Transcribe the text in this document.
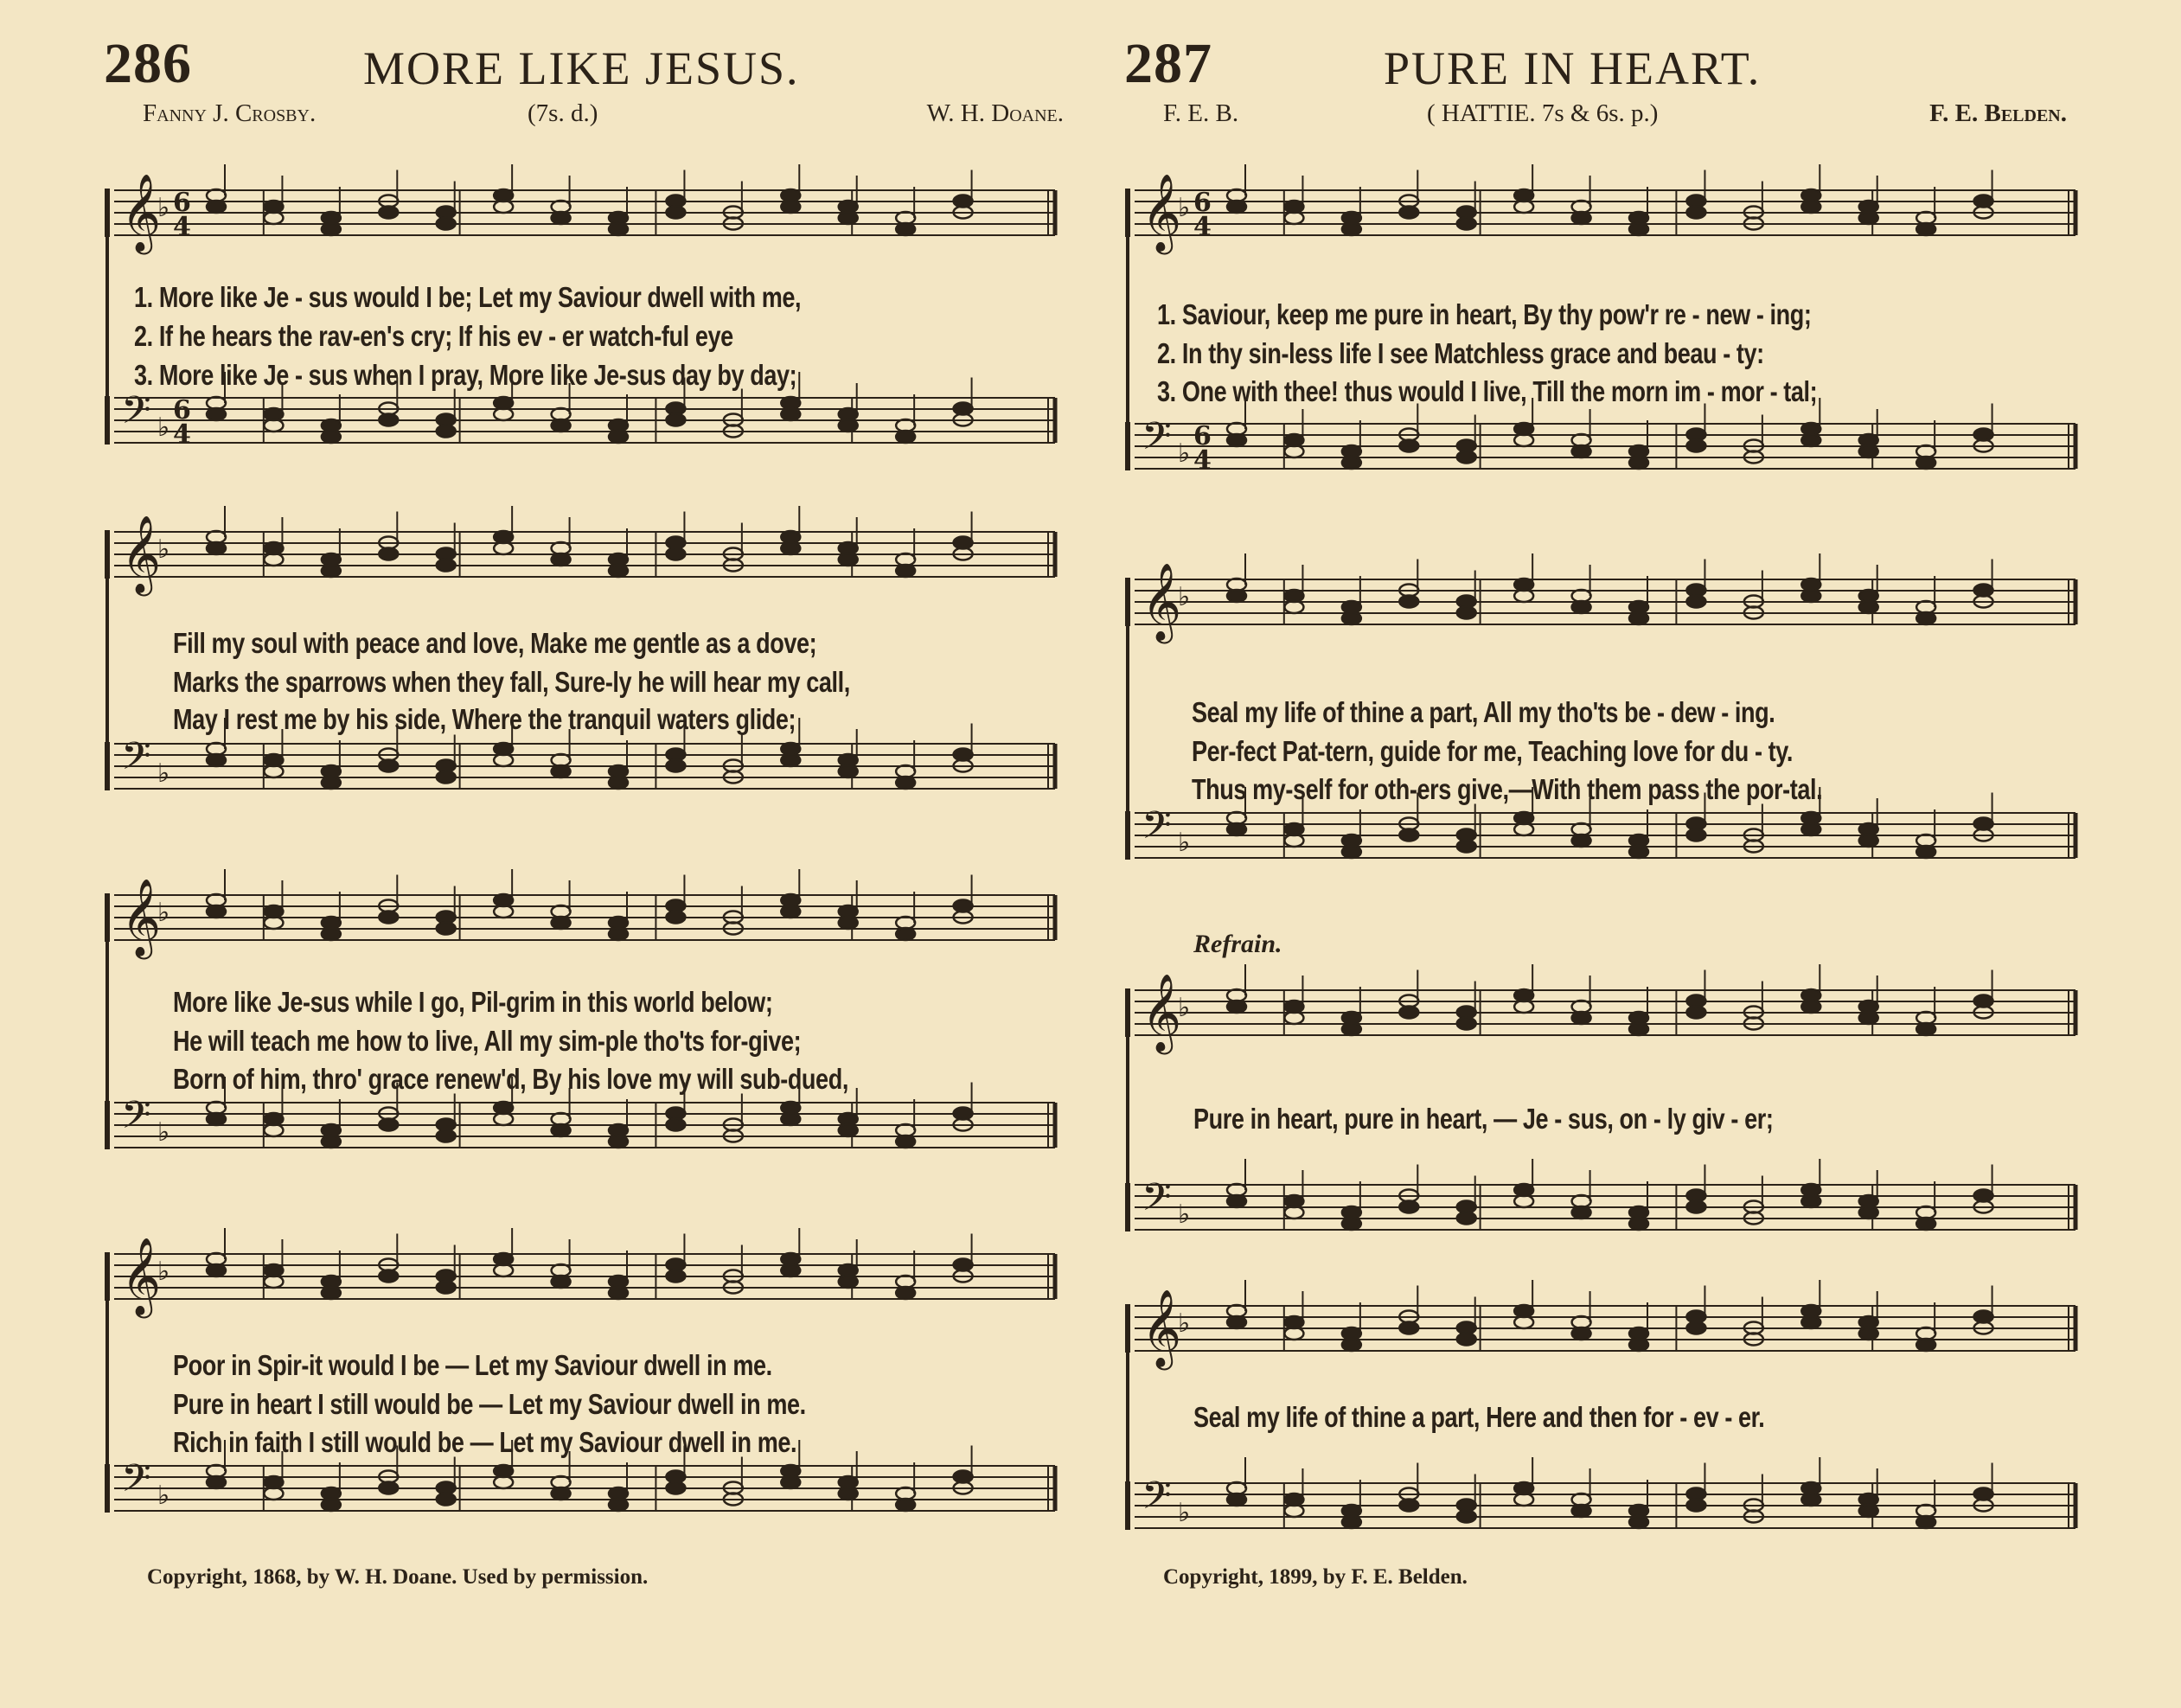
286	MORE LIKE JESUS.
Fanny J. Crosby.	(7s. d.)	W. H. Doane.
𝄞
♭ 6
4
𝄢 ♭
6
4
1. More like Je - sus would I be; Let my Saviour dwell with me,
2. If he hears the rav-en's cry; If his ev - er watch-ful eye
3. More like Je - sus when I pray, More like Je-sus day by day;
𝄞
♭
𝄢 ♭
Fill my soul with peace and love, Make me gentle as a dove;
Marks the sparrows when they fall, Sure-ly he will hear my call,
May I rest me by his side, Where the tranquil waters glide;
𝄞
♭
𝄢 ♭
More like Je-sus while I go, Pil-grim in this world below;
He will teach me how to live, All my sim-ple tho'ts for-give;
Born of him, thro' grace renew'd, By his love my will sub-dued,
𝄞
♭
𝄢 ♭
Poor in Spir-it would I be — Let my Saviour dwell in me.
Pure in heart I still would be — Let my Saviour dwell in me.
Rich in faith I still would be — Let my Saviour dwell in me.
Copyright, 1868, by W. H. Doane. Used by permission.
287	PURE IN HEART.
F. E. B.	( HATTIE. 7s & 6s. p.)	F. E. Belden.
𝄞
♭ 6
4
𝄢 ♭
6
4
1. Saviour, keep me pure in heart, By thy pow'r re - new - ing;
2. In thy sin-less life I see Matchless grace and beau - ty:
3. One with thee! thus would I live, Till the morn im - mor - tal;
𝄞
♭
𝄢 ♭
Seal my life of thine a part, All my tho'ts be - dew - ing.
Per-fect Pat-tern, guide for me, Teaching love for du - ty.
Thus my-self for oth-ers give,—With them pass the por-tal.
Refrain.
𝄞
♭
𝄢 ♭
Pure in heart, pure in heart, — Je - sus, on - ly giv - er;
𝄞
♭
𝄢 ♭
Seal my life of thine a part, Here and then for - ev - er.
Copyright, 1899, by F. E. Belden.
